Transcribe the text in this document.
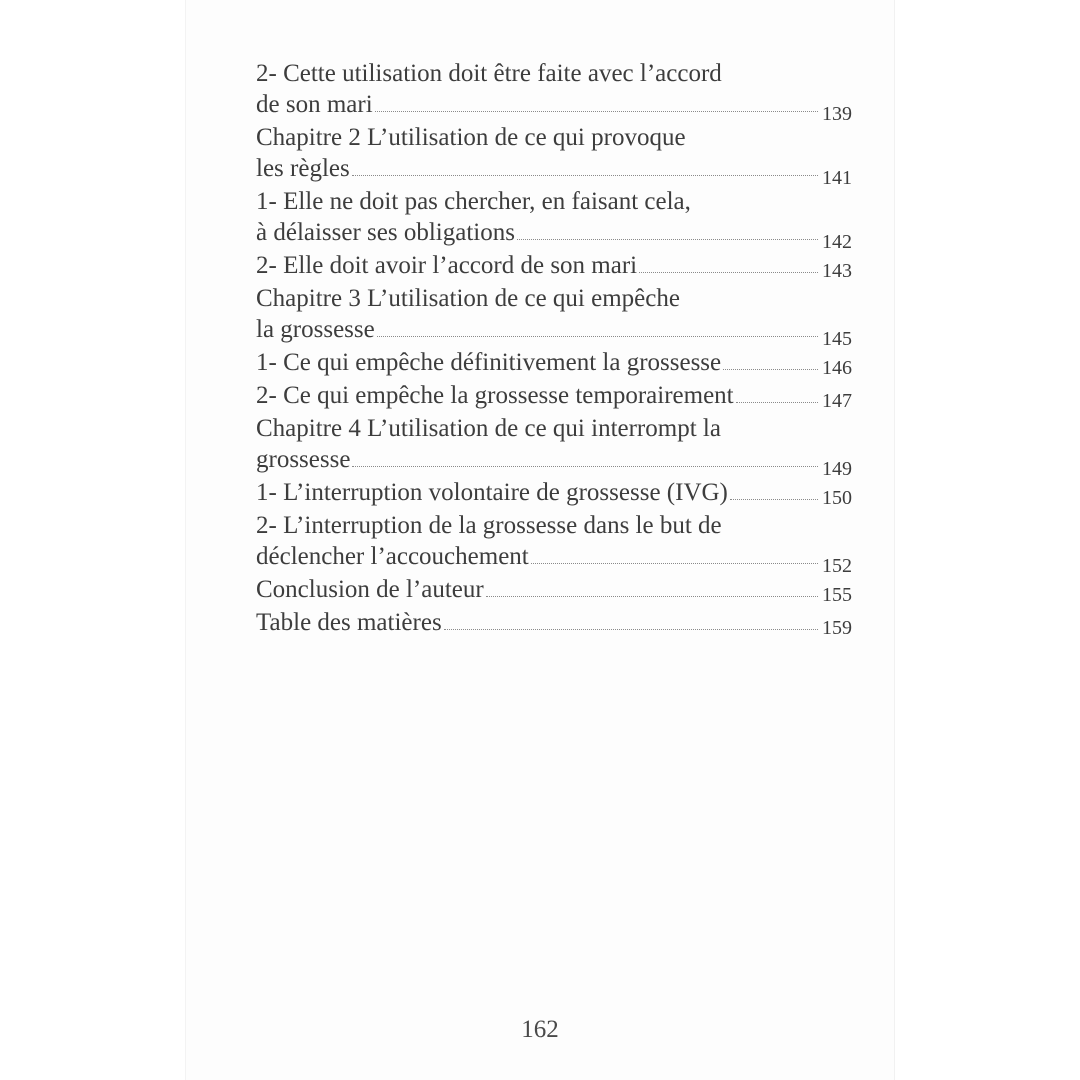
2- Cette utilisation doit être faite avec l’accord
de son mari	139
Chapitre 2 L’utilisation de ce qui provoque
les règles	141
1- Elle ne doit pas chercher, en faisant cela,
à délaisser ses obligations	142
2- Elle doit avoir l’accord de son mari	143
Chapitre 3 L’utilisation de ce qui empêche
la grossesse	145
1- Ce qui empêche définitivement la grossesse	146
2- Ce qui empêche la grossesse temporairement	147
Chapitre 4 L’utilisation de ce qui interrompt la
grossesse	149
1- L’interruption volontaire de grossesse (IVG)	150
2- L’interruption de la grossesse dans le but de
déclencher l’accouchement	152
Conclusion de l’auteur	155
Table des matières	159
162
